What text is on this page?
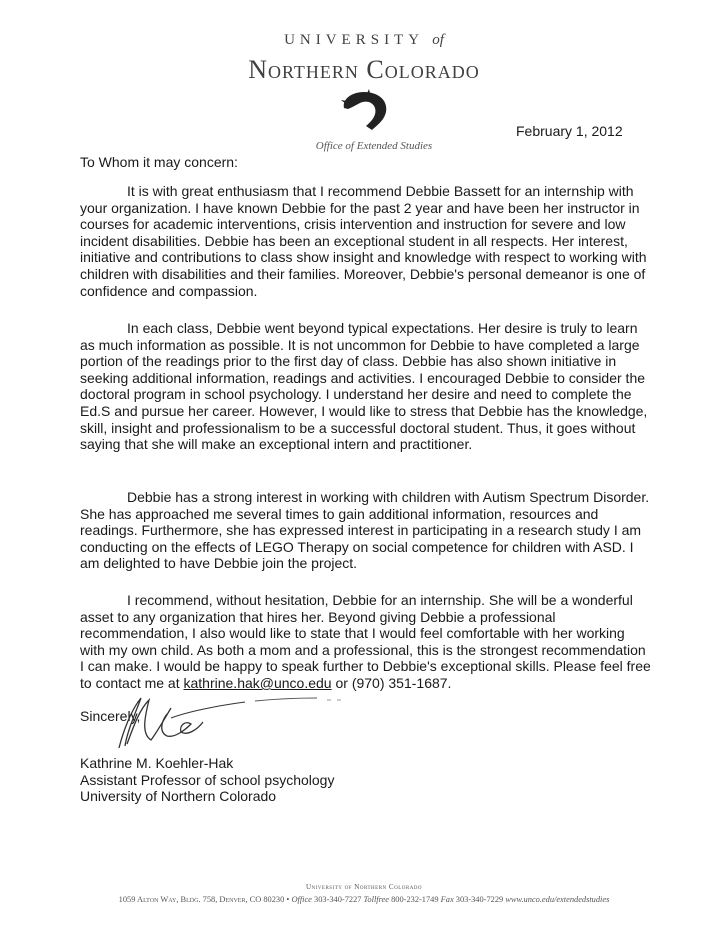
UNIVERSITY of
Northern Colorado
Office of Extended Studies
February 1, 2012
To Whom it may concern:
It is with great enthusiasm that I recommend Debbie Bassett for an internship with your organization. I have known Debbie for the past 2 year and have been her instructor in courses for academic interventions, crisis intervention and instruction for severe and low incident disabilities. Debbie has been an exceptional student in all respects. Her interest, initiative and contributions to class show insight and knowledge with respect to working with children with disabilities and their families. Moreover, Debbie's personal demeanor is one of confidence and compassion.
In each class, Debbie went beyond typical expectations. Her desire is truly to learn as much information as possible. It is not uncommon for Debbie to have completed a large portion of the readings prior to the first day of class. Debbie has also shown initiative in seeking additional information, readings and activities. I encouraged Debbie to consider the doctoral program in school psychology. I understand her desire and need to complete the Ed.S and pursue her career. However, I would like to stress that Debbie has the knowledge, skill, insight and professionalism to be a successful doctoral student. Thus, it goes without saying that she will make an exceptional intern and practitioner.
Debbie has a strong interest in working with children with Autism Spectrum Disorder. She has approached me several times to gain additional information, resources and readings. Furthermore, she has expressed interest in participating in a research study I am conducting on the effects of LEGO Therapy on social competence for children with ASD. I am delighted to have Debbie join the project.
I recommend, without hesitation, Debbie for an internship. She will be a wonderful asset to any organization that hires her. Beyond giving Debbie a professional recommendation, I also would like to state that I would feel comfortable with her working with my own child. As both a mom and a professional, this is the strongest recommendation I can make. I would be happy to speak further to Debbie's exceptional skills. Please feel free to contact me at kathrine.hak@unco.edu or (970) 351-1687.
Sincerely,
Kathrine M. Koehler-Hak
Assistant Professor of school psychology
University of Northern Colorado
University of Northern Colorado
1059 Alton Way, Bldg. 758, Denver, CO 80230 • Office 303-340-7227 Tollfree 800-232-1749 Fax 303-340-7229 www.unco.edu/extendedstudies
